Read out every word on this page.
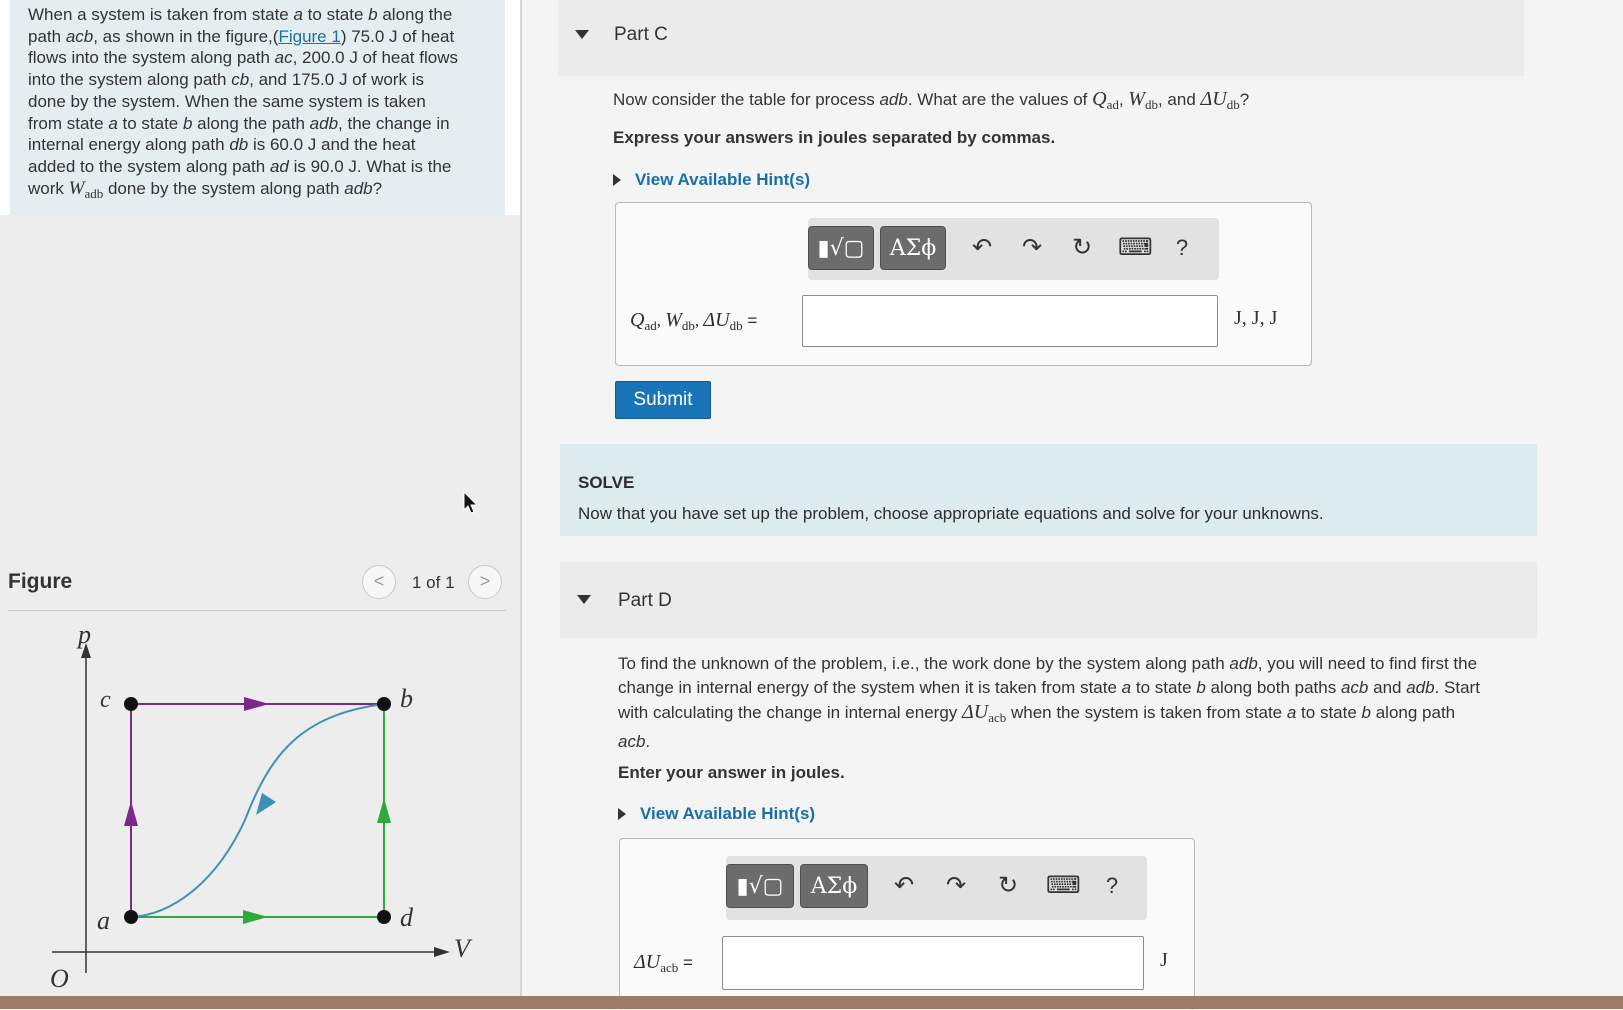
When a system is taken from state a to state b along the
path acb, as shown in the figure,(Figure 1) 75.0 J of heat
flows into the system along path ac, 200.0 J of heat flows
into the system along path cb, and 175.0 J of work is
done by the system. When the same system is taken
from state a to state b along the path adb, the change in
internal energy along path db is 60.0 J and the heat
added to the system along path ad is 90.0 J. What is the
work $W_{adb}$ done by the system along path adb?
Figure	<	1 of 1	>
p
V
O
c	b
a	d
Part C
Now consider the table for process adb. What are the values of $Q_{ad}$, $W_{db}$, and $\Delta U_{db}$?
Express your answers in joules separated by commas.
View Available Hint(s)
▮√▢	ΑΣϕ	↶ ↷ ↻ ⌨	?
$Q_{ad}$, $W_{db}$, $\Delta U_{db}$ =	J, J, J
Submit
SOLVE
Now that you have set up the problem, choose appropriate equations and solve for your unknowns.
Part D
To find the unknown of the problem, i.e., the work done by the system along path adb, you will need to find first the
change in internal energy of the system when it is taken from state a to state b along both paths acb and adb. Start
with calculating the change in internal energy $\Delta U_{acb}$ when the system is taken from state a to state b along path
acb.
Enter your answer in joules.
View Available Hint(s)
▮√▢	ΑΣϕ	↶ ↷ ↻ ⌨	?
$\Delta U_{acb}$ =	J
